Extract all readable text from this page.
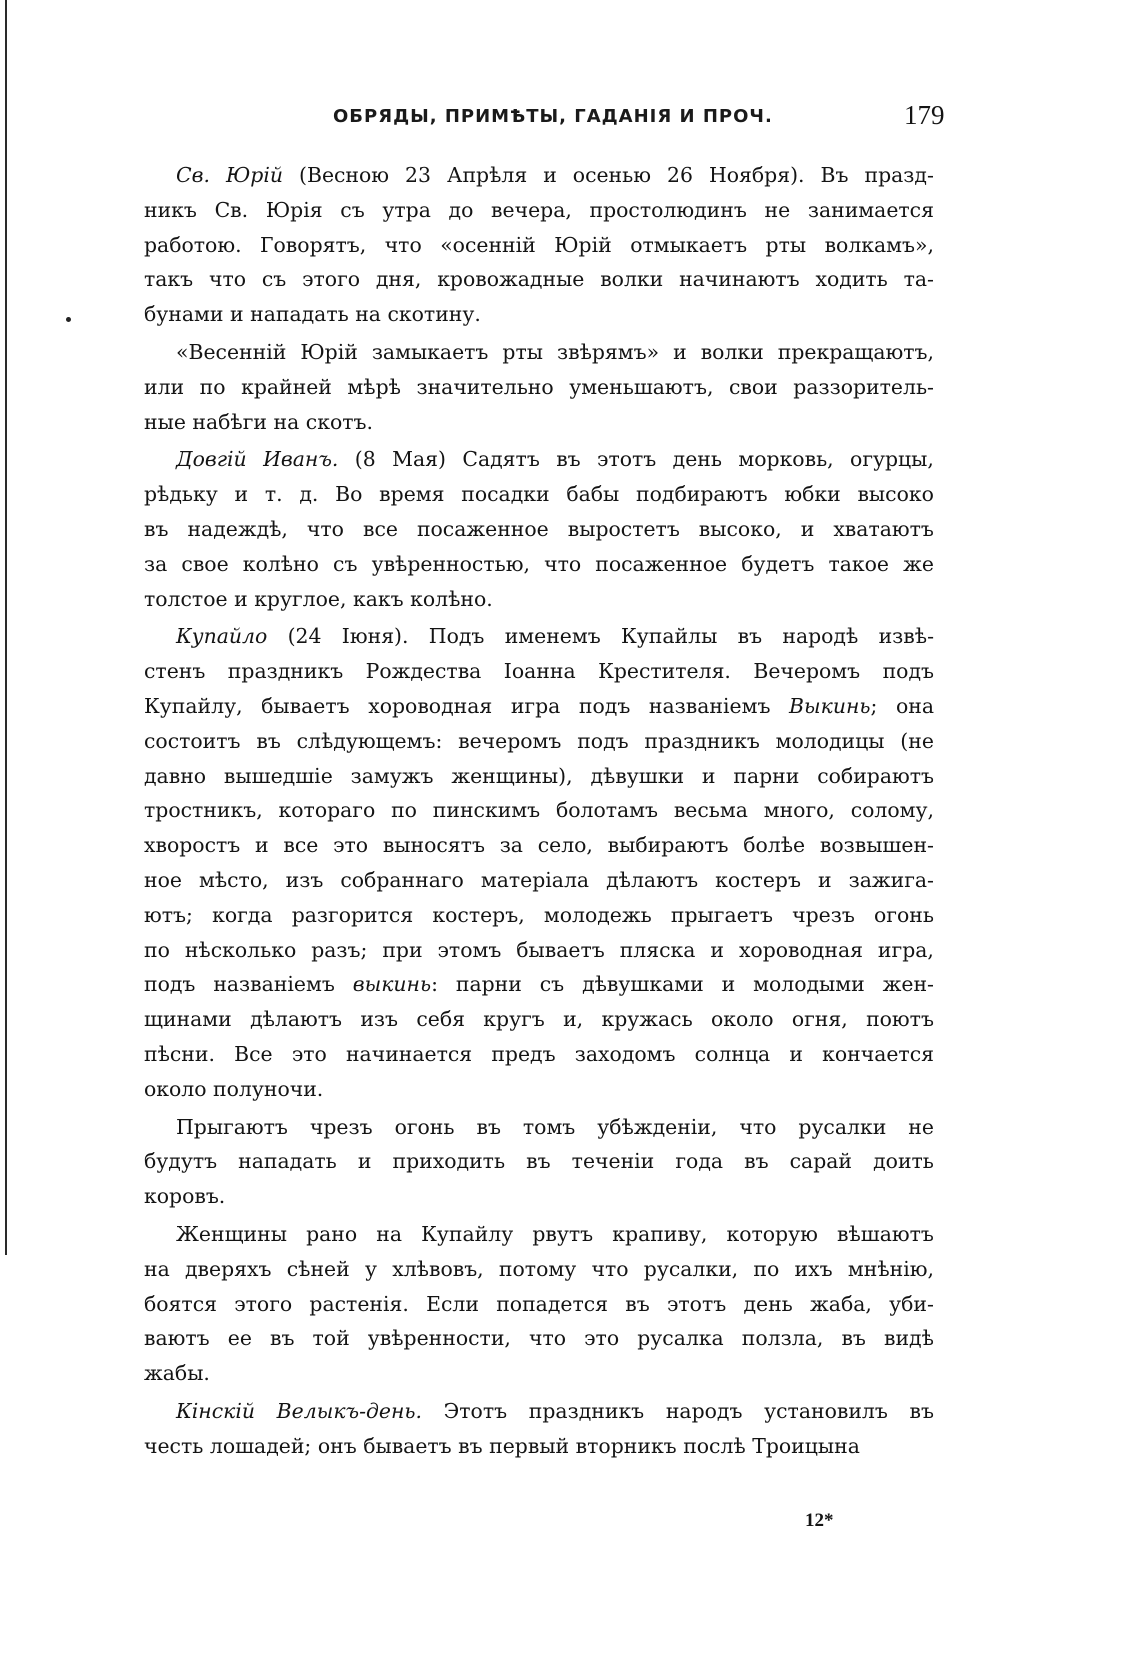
ОБРЯДЫ, ПРИМѢТЫ, ГАДАНІЯ И ПРОЧ.	179
Св. Юрій (Весною 23 Апрѣля и осенью 26 Ноября). Въ празд-
никъ Св. Юрія съ утра до вечера, простолюдинъ не занимается
работою. Говорятъ, что «осенній Юрій отмыкаетъ рты волкамъ»,
такъ что съ этого дня, кровожадные волки начинаютъ ходить та-
бунами и нападать на скотину.
«Весенній Юрій замыкаетъ рты звѣрямъ» и волки прекращаютъ,
или по крайней мѣрѣ значительно уменьшаютъ, свои раззоритель-
ные набѣги на скотъ.
Довгій Иванъ. (8 Мая) Садятъ въ этотъ день морковь, огурцы,
рѣдьку и т. д. Во время посадки бабы подбираютъ юбки высоко
въ надеждѣ, что все посаженное выростетъ высоко, и хватаютъ
за свое колѣно съ увѣренностью, что посаженное будетъ такое же
толстое и круглое, какъ колѣно.
Купайло (24 Іюня). Подъ именемъ Купайлы въ народѣ извѣ-
стенъ праздникъ Рождества Іоанна Крестителя. Вечеромъ подъ
Купайлу, бываетъ хороводная игра подъ названіемъ Выкинь; она
состоитъ въ слѣдующемъ: вечеромъ подъ праздникъ молодицы (не
давно вышедшіе замужъ женщины), дѣвушки и парни собираютъ
тростникъ, котораго по пинскимъ болотамъ весьма много, солому,
хворостъ и все это выносятъ за село, выбираютъ болѣе возвышен-
ное мѣсто, изъ собраннаго матеріала дѣлаютъ костеръ и зажига-
ютъ; когда разгорится костеръ, молодежь прыгаетъ чрезъ огонь
по нѣсколько разъ; при этомъ бываетъ пляска и хороводная игра,
подъ названіемъ выкинь: парни съ дѣвушками и молодыми жен-
щинами дѣлаютъ изъ себя кругъ и, кружась около огня, поютъ
пѣсни. Все это начинается предъ заходомъ солнца и кончается
около полуночи.
Прыгаютъ чрезъ огонь въ томъ убѣжденіи, что русалки не
будутъ нападать и приходить въ теченіи года въ сарай доить
коровъ.
Женщины рано на Купайлу рвутъ крапиву, которую вѣшаютъ
на дверяхъ сѣней у хлѣвовъ, потому что русалки, по ихъ мнѣнію,
боятся этого растенія. Если попадется въ этотъ день жаба, уби-
ваютъ ее въ той увѣренности, что это русалка ползла, въ видѣ
жабы.
Кінскій Велыкъ-день. Этотъ праздникъ народъ установилъ въ
честь лошадей; онъ бываетъ въ первый вторникъ послѣ Троицына
12*
